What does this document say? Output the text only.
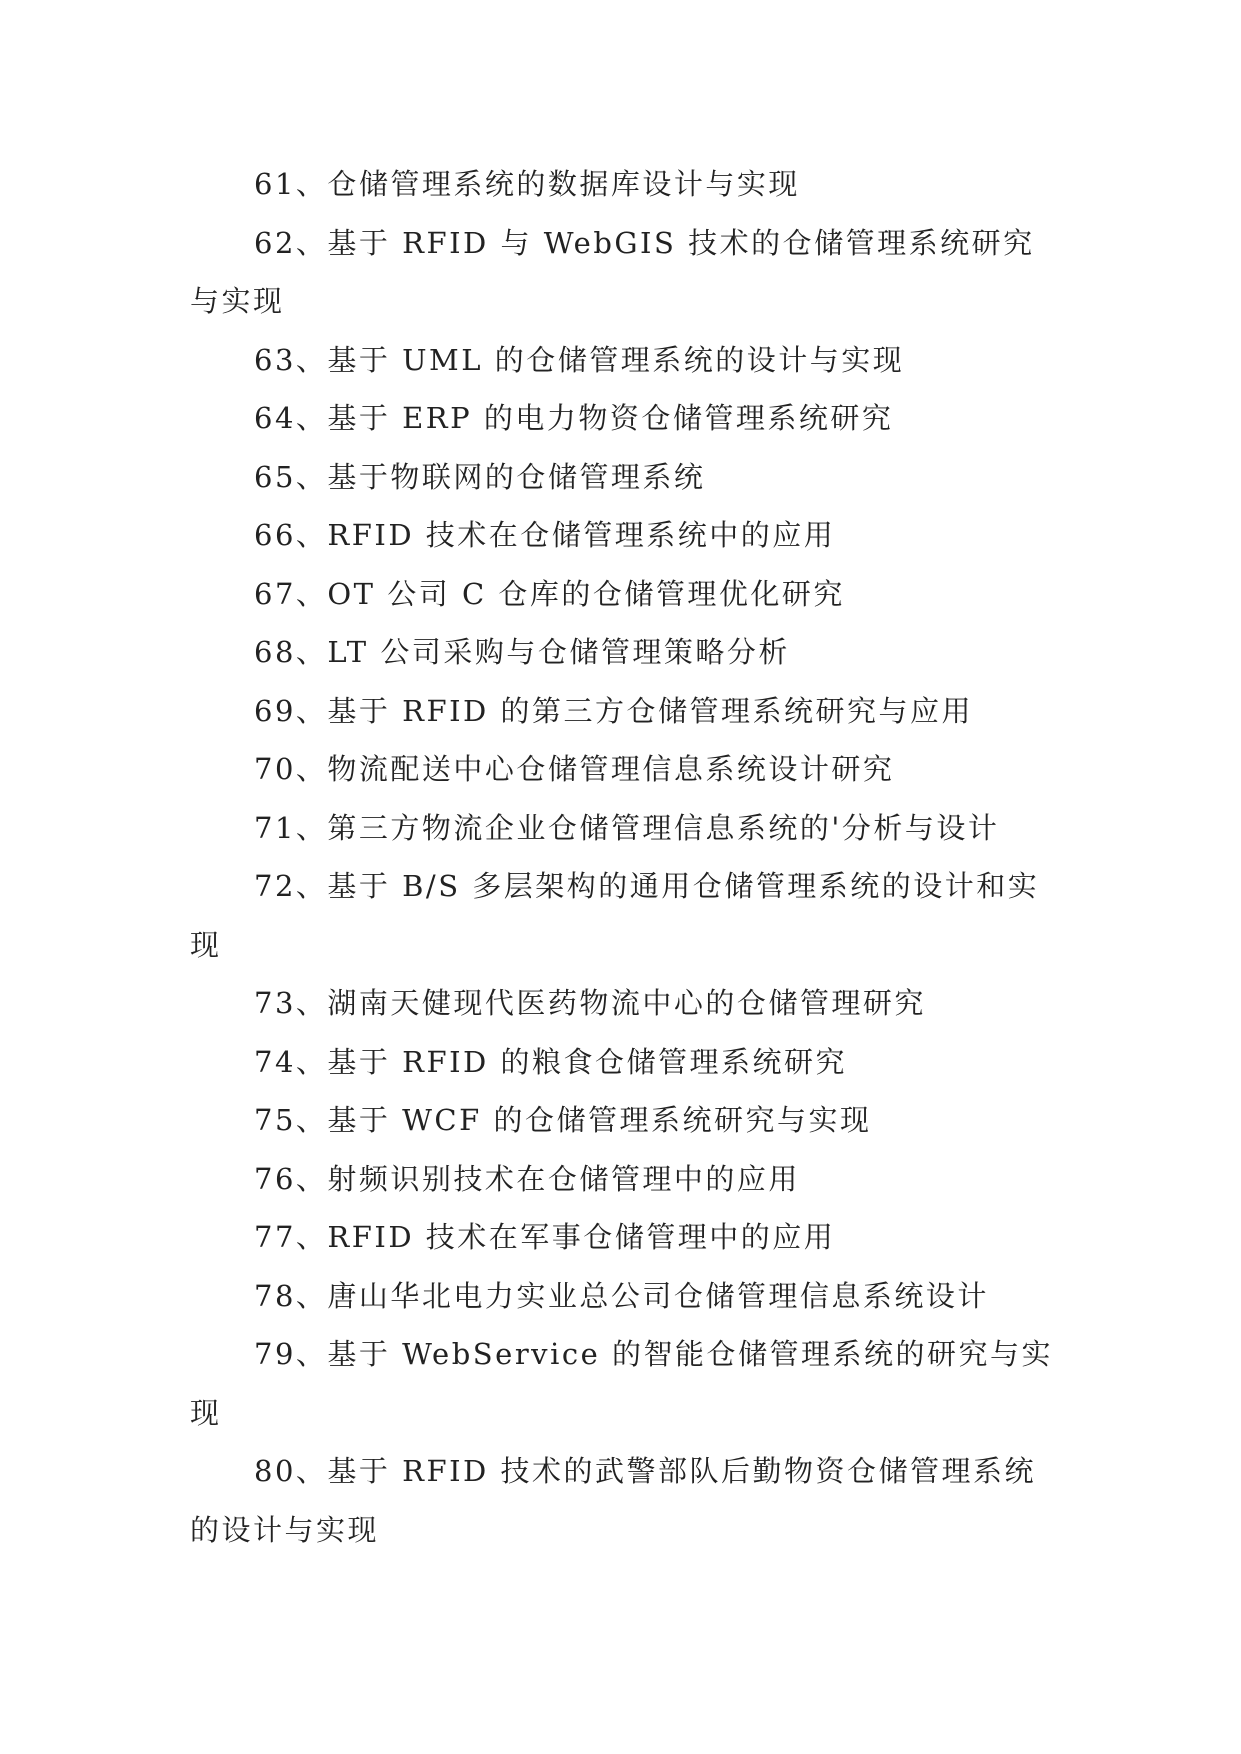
61、仓储管理系统的数据库设计与实现

62、基于 RFID 与 WebGIS 技术的仓储管理系统研究与实现

63、基于 UML 的仓储管理系统的设计与实现

64、基于 ERP 的电力物资仓储管理系统研究

65、基于物联网的仓储管理系统

66、RFID 技术在仓储管理系统中的应用

67、OT 公司 C 仓库的仓储管理优化研究

68、LT 公司采购与仓储管理策略分析

69、基于 RFID 的第三方仓储管理系统研究与应用

70、物流配送中心仓储管理信息系统设计研究

71、第三方物流企业仓储管理信息系统的'分析与设计

72、基于 B/S 多层架构的通用仓储管理系统的设计和实现

73、湖南天健现代医药物流中心的仓储管理研究

74、基于 RFID 的粮食仓储管理系统研究

75、基于 WCF 的仓储管理系统研究与实现

76、射频识别技术在仓储管理中的应用

77、RFID 技术在军事仓储管理中的应用

78、唐山华北电力实业总公司仓储管理信息系统设计

79、基于 WebService 的智能仓储管理系统的研究与实现

80、基于 RFID 技术的武警部队后勤物资仓储管理系统的设计与实现
